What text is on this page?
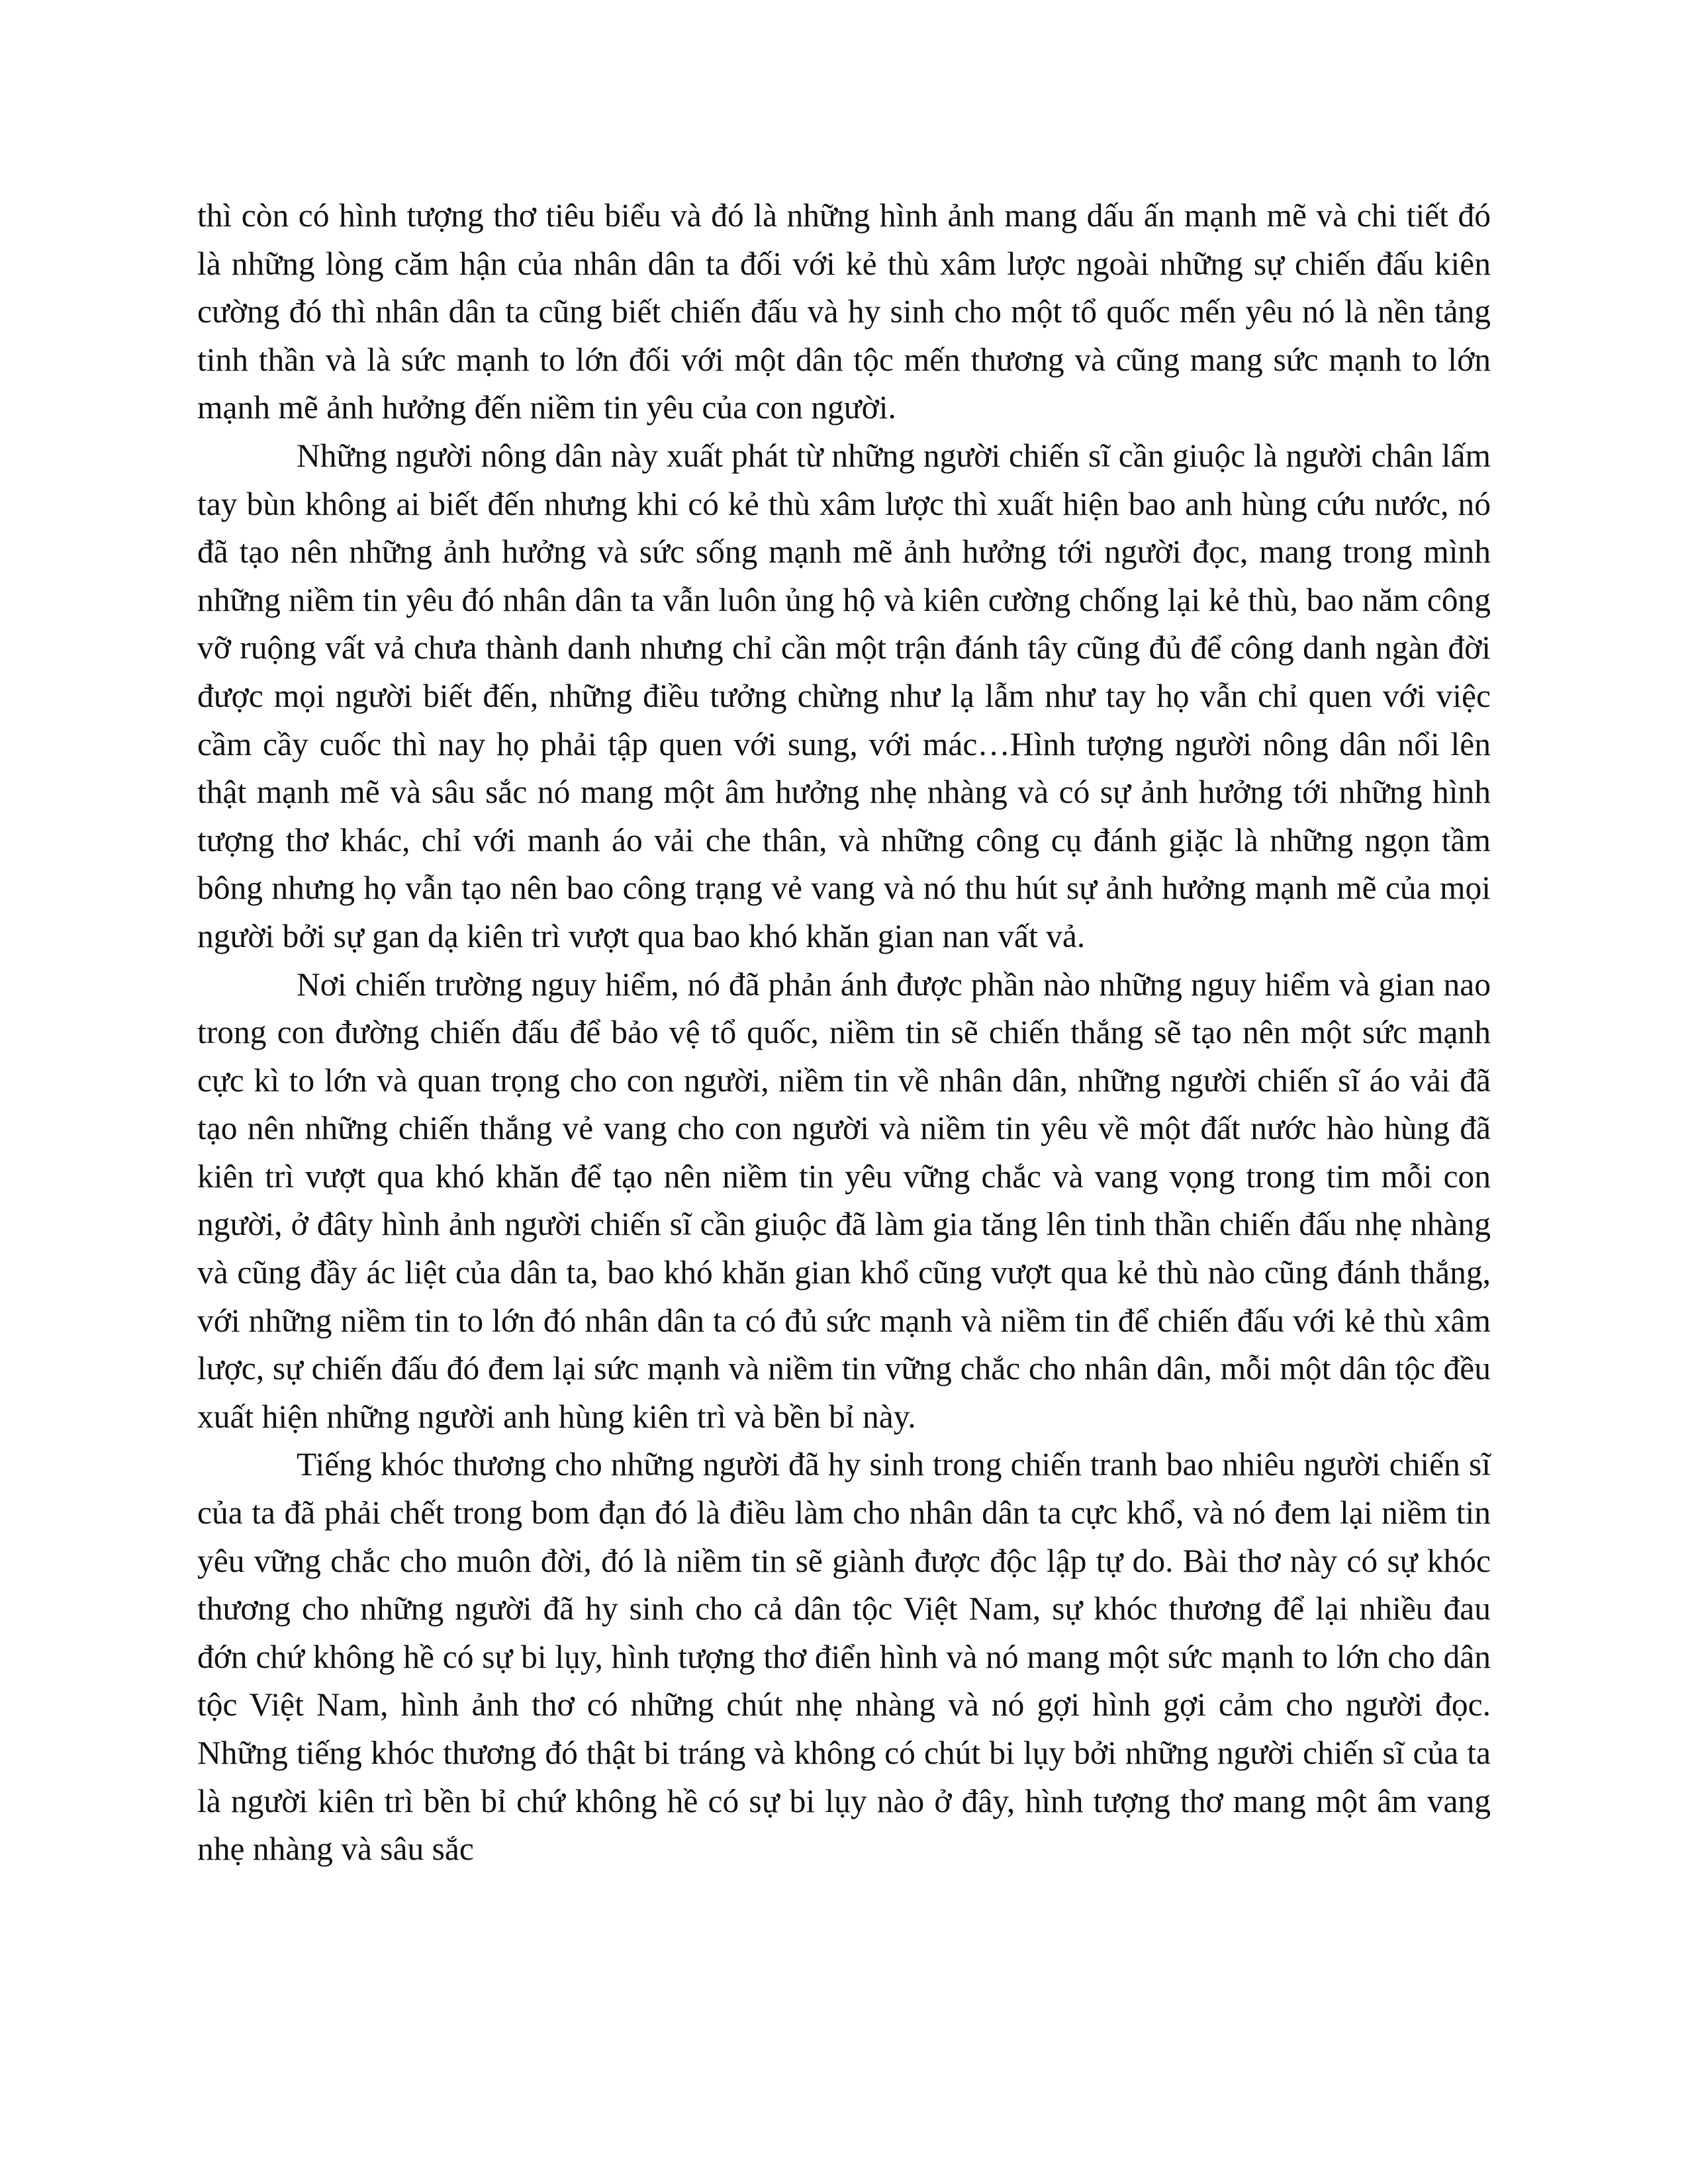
thì còn có hình tượng thơ tiêu biểu và đó là những hình ảnh mang dấu ấn mạnh mẽ và chi tiết đó là những lòng căm hận của nhân dân ta đối với kẻ thù xâm lược ngoài những sự chiến đấu kiên cường đó thì nhân dân ta cũng biết chiến đấu và hy sinh cho một tổ quốc mến yêu nó là nền tảng tinh thần và là sức mạnh to lớn đối với một dân tộc mến thương và cũng mang sức mạnh to lớn mạnh mẽ ảnh hưởng đến niềm tin yêu của con người.

Những người nông dân này xuất phát từ những người chiến sĩ cần giuộc là người chân lấm tay bùn không ai biết đến nhưng khi có kẻ thù xâm lược thì xuất hiện bao anh hùng cứu nước, nó đã tạo nên những ảnh hưởng và sức sống mạnh mẽ ảnh hưởng tới người đọc, mang trong mình những niềm tin yêu đó nhân dân ta vẫn luôn ủng hộ và kiên cường chống lại kẻ thù, bao năm công vỡ ruộng vất vả chưa thành danh nhưng chỉ cần một trận đánh tây cũng đủ để công danh ngàn đời được mọi người biết đến, những điều tưởng chừng như lạ lẫm như tay họ vẫn chỉ quen với việc cầm cầy cuốc thì nay họ phải tập quen với sung, với mác…Hình tượng người nông dân nổi lên thật mạnh mẽ và sâu sắc nó mang một âm hưởng nhẹ nhàng và có sự ảnh hưởng tới những hình tượng thơ khác, chỉ với manh áo vải che thân, và những công cụ đánh giặc là những ngọn tầm bông nhưng họ vẫn tạo nên bao công trạng vẻ vang và nó thu hút sự ảnh hưởng mạnh mẽ của mọi người bởi sự gan dạ kiên trì vượt qua bao khó khăn gian nan vất vả.

Nơi chiến trường nguy hiểm, nó đã phản ánh được phần nào những nguy hiểm và gian nao trong con đường chiến đấu để bảo vệ tổ quốc, niềm tin sẽ chiến thắng sẽ tạo nên một sức mạnh cực kì to lớn và quan trọng cho con người, niềm tin về nhân dân, những người chiến sĩ áo vải đã tạo nên những chiến thắng vẻ vang cho con người và niềm tin yêu về một đất nước hào hùng đã kiên trì vượt qua khó khăn để tạo nên niềm tin yêu vững chắc và vang vọng trong tim mỗi con người, ở đâty hình ảnh người chiến sĩ cần giuộc đã làm gia tăng lên tinh thần chiến đấu nhẹ nhàng và cũng đầy ác liệt của dân ta, bao khó khăn gian khổ cũng vượt qua kẻ thù nào cũng đánh thắng, với những niềm tin to lớn đó nhân dân ta có đủ sức mạnh và niềm tin để chiến đấu với kẻ thù xâm lược, sự chiến đấu đó đem lại sức mạnh và niềm tin vững chắc cho nhân dân, mỗi một dân tộc đều xuất hiện những người anh hùng kiên trì và bền bỉ này.

Tiếng khóc thương cho những người đã hy sinh trong chiến tranh bao nhiêu người chiến sĩ của ta đã phải chết trong bom đạn đó là điều làm cho nhân dân ta cực khổ, và nó đem lại niềm tin yêu vững chắc cho muôn đời, đó là niềm tin sẽ giành được độc lập tự do. Bài thơ này có sự khóc thương cho những người đã hy sinh cho cả dân tộc Việt Nam, sự khóc thương để lại nhiều đau đớn chứ không hề có sự bi lụy, hình tượng thơ điển hình và nó mang một sức mạnh to lớn cho dân tộc Việt Nam, hình ảnh thơ có những chút nhẹ nhàng và nó gợi hình gợi cảm cho người đọc. Những tiếng khóc thương đó thật bi tráng và không có chút bi lụy bởi những người chiến sĩ của ta là người kiên trì bền bỉ chứ không hề có sự bi lụy nào ở đây, hình tượng thơ mang một âm vang nhẹ nhàng và sâu sắc
